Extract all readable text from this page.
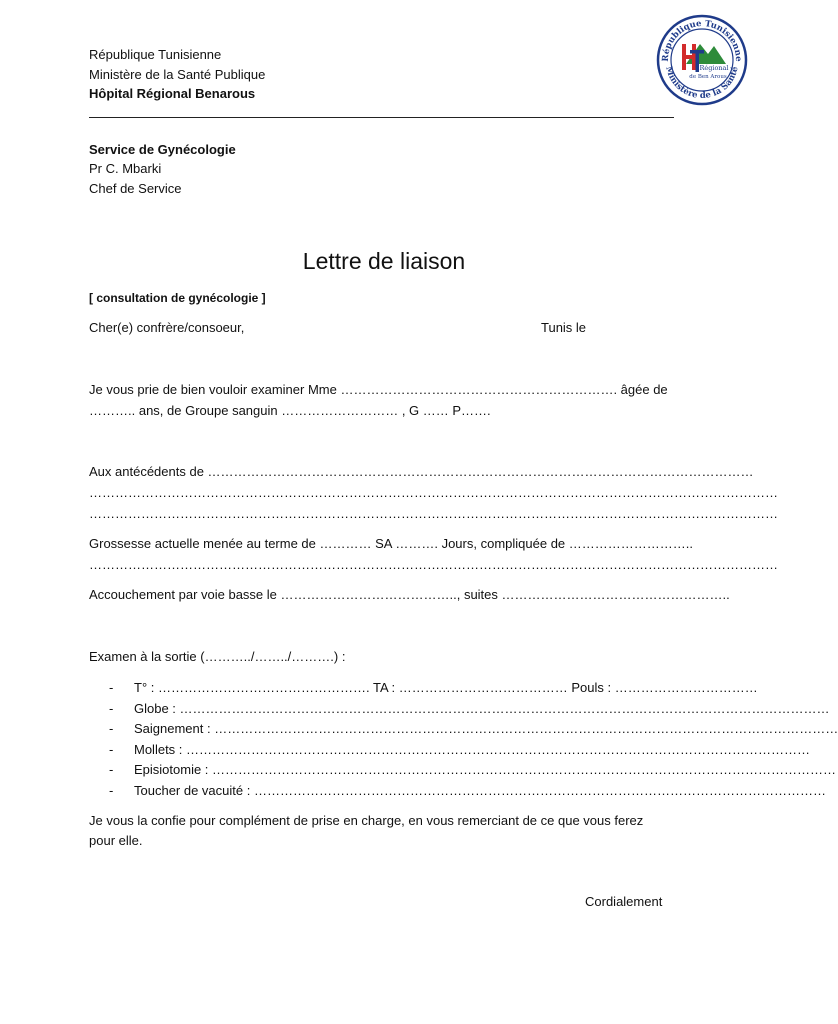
République Tunisienne
Ministère de la Santé Publique
Hôpital Régional Benarous
République Tunisienne
Ministère de la Santé
Régional
de Ben Arous
Service de Gynécologie
Pr C. Mbarki
Chef de Service
Lettre de liaison
[ consultation de gynécologie ]
Cher(e) confrère/consoeur,	Tunis le
Je vous prie de bien vouloir examiner Mme ………………………………………………………. âgée de
……….. ans, de Groupe sanguin ……………………… , G …… P…….
Aux antécédents de ………………………………………………………………………………………………………………
……………………………………………………………………………………………………………………………………………
……………………………………………………………………………………………………………………………………………
Grossesse actuelle menée au terme de ………… SA ………. Jours, compliquée de ………………………..
……………………………………………………………………………………………………………………………………………
Accouchement par voie basse le ………………………………….., suites ……………………………………………..
Examen à la sortie (………../……../……….) :
- T° : …………………………………………. TA : ………………………………… Pouls : ……………………………
- Globe : ……………………………………………………………………………………………………………………………………
- Saignement : ………………………………………………………………………………………………………………………………
- Mollets : ………………………………………………………………………………………………………………………………
- Episiotomie : ………………………………………………………………………………………………………………………………
- Toucher de vacuité : ……………………………………………………………………………………………………………………
Je vous la confie pour complément de prise en charge, en vous remerciant de ce que vous ferez
pour elle.
Cordialement
